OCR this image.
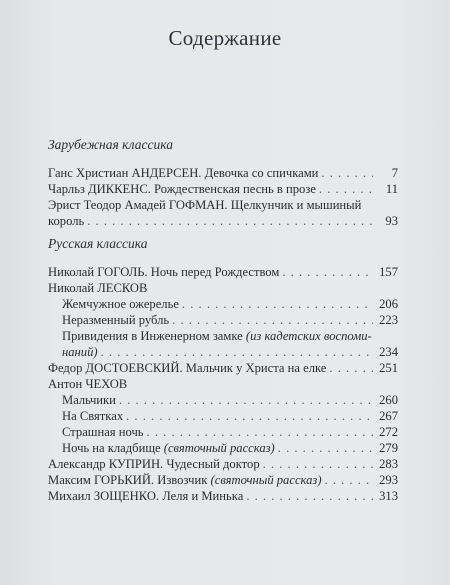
Содержание
Зарубежная классика
Ганс Христиан АНДЕРСЕН. Девочка со спичками . . .	7
Чарльз ДИККЕНС. Рождественская песнь в прозе . . .	11
Эрист Теодор Амадей ГОФМАН. Щелкунчик и мышиный
король . . .	93
Русская классика
Николай ГОГОЛЬ. Ночь перед Рождеством . . .	157
Николай ЛЕСКОВ
Жемчужное ожерелье . . .	206
Неразменный рубль . . .	223
Привидения в Инженерном замке (из кадетских воспоми-
наний) . . .	234
Федор ДОСТОЕВСКИЙ. Мальчик у Христа на елке . . .	251
Антон ЧЕХОВ
Мальчики . . .	260
На Святках . . .	267
Страшная ночь . . .	272
Ночь на кладбище (святочный рассказ) . . .	279
Александр КУПРИН. Чудесный доктор . . .	283
Максим ГОРЬКИЙ. Извозчик (святочный рассказ) . . .	293
Михаил ЗОЩЕНКО. Леля и Минька . . .	313
